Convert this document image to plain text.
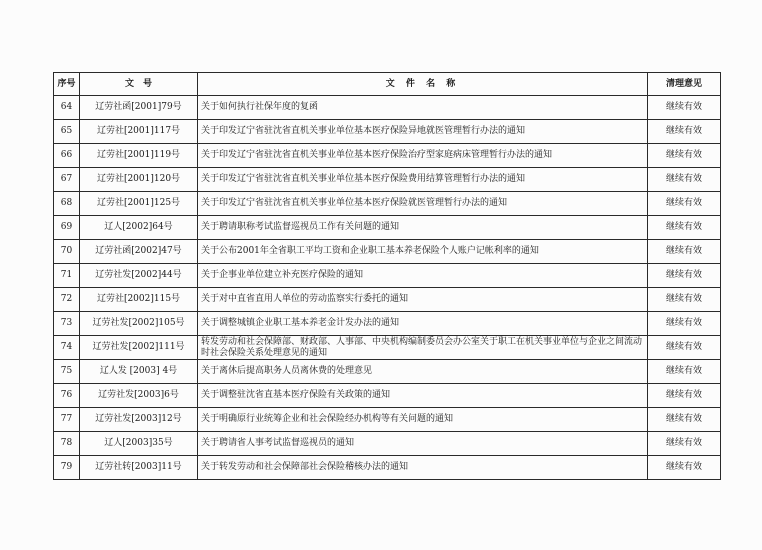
序号	文　号	文 件 名 称	清理意见
64	辽劳社函[2001]79号	关于如何执行社保年度的复函	继续有效
65	辽劳社[2001]117号	关于印发辽宁省驻沈省直机关事业单位基本医疗保险异地就医管理暂行办法的通知	继续有效
66	辽劳社[2001]119号	关于印发辽宁省驻沈省直机关事业单位基本医疗保险治疗型家庭病床管理暂行办法的通知	继续有效
67	辽劳社[2001]120号	关于印发辽宁省驻沈省直机关事业单位基本医疗保险费用结算管理暂行办法的通知	继续有效
68	辽劳社[2001]125号	关于印发辽宁省驻沈省直机关事业单位基本医疗保险就医管理暂行办法的通知	继续有效
69	辽人[2002]64号	关于聘请职称考试监督巡视员工作有关问题的通知	继续有效
70	辽劳社函[2002]47号	关于公布2001年全省职工平均工资和企业职工基本养老保险个人账户记帐利率的通知	继续有效
71	辽劳社发[2002]44号	关于企事业单位建立补充医疗保险的通知	继续有效
72	辽劳社[2002]115号	关于对中直省直用人单位的劳动监察实行委托的通知	继续有效
73	辽劳社发[2002]105号	关于调整城镇企业职工基本养老金计发办法的通知	继续有效
74	辽劳社发[2002]111号	转发劳动和社会保障部、财政部、人事部、中央机构编制委员会办公室关于职工在机关事业单位与企业之间流动时社会保险关系处理意见的通知	继续有效
75	辽人发 [2003] 4号	关于离休后提高职务人员离休费的处理意见	继续有效
76	辽劳社发[2003]6号	关于调整驻沈省直基本医疗保险有关政策的通知	继续有效
77	辽劳社发[2003]12号	关于明确原行业统筹企业和社会保险经办机构等有关问题的通知	继续有效
78	辽人[2003]35号	关于聘请省人事考试监督巡视员的通知	继续有效
79	辽劳社转[2003]11号	关于转发劳动和社会保障部社会保险稽核办法的通知	继续有效
